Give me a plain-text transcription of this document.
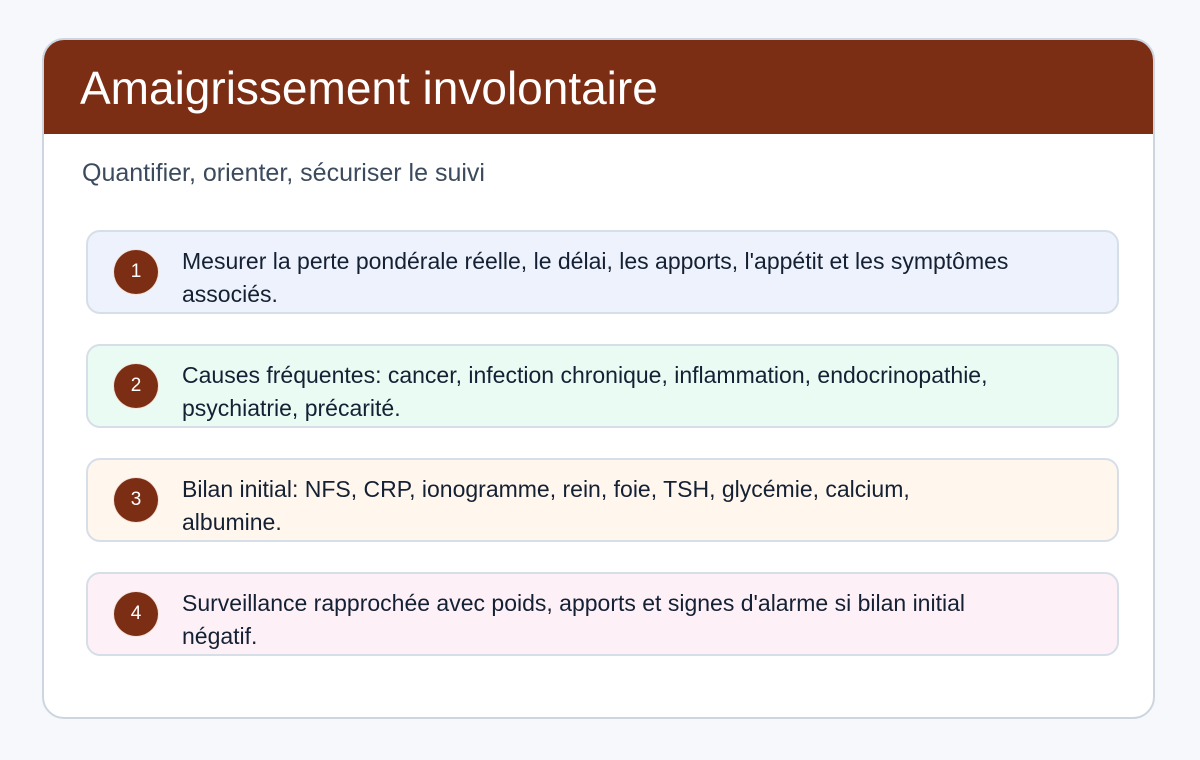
Amaigrissement involontaire

Quantifier, orienter, sécuriser le suivi

1	Mesurer la perte pondérale réelle, le délai, les apports, l'appétit et les symptômes associés.

2	Causes fréquentes: cancer, infection chronique, inflammation, endocrinopathie, psychiatrie, précarité.

3	Bilan initial: NFS, CRP, ionogramme, rein, foie, TSH, glycémie, calcium, albumine.

4	Surveillance rapprochée avec poids, apports et signes d'alarme si bilan initial négatif.
